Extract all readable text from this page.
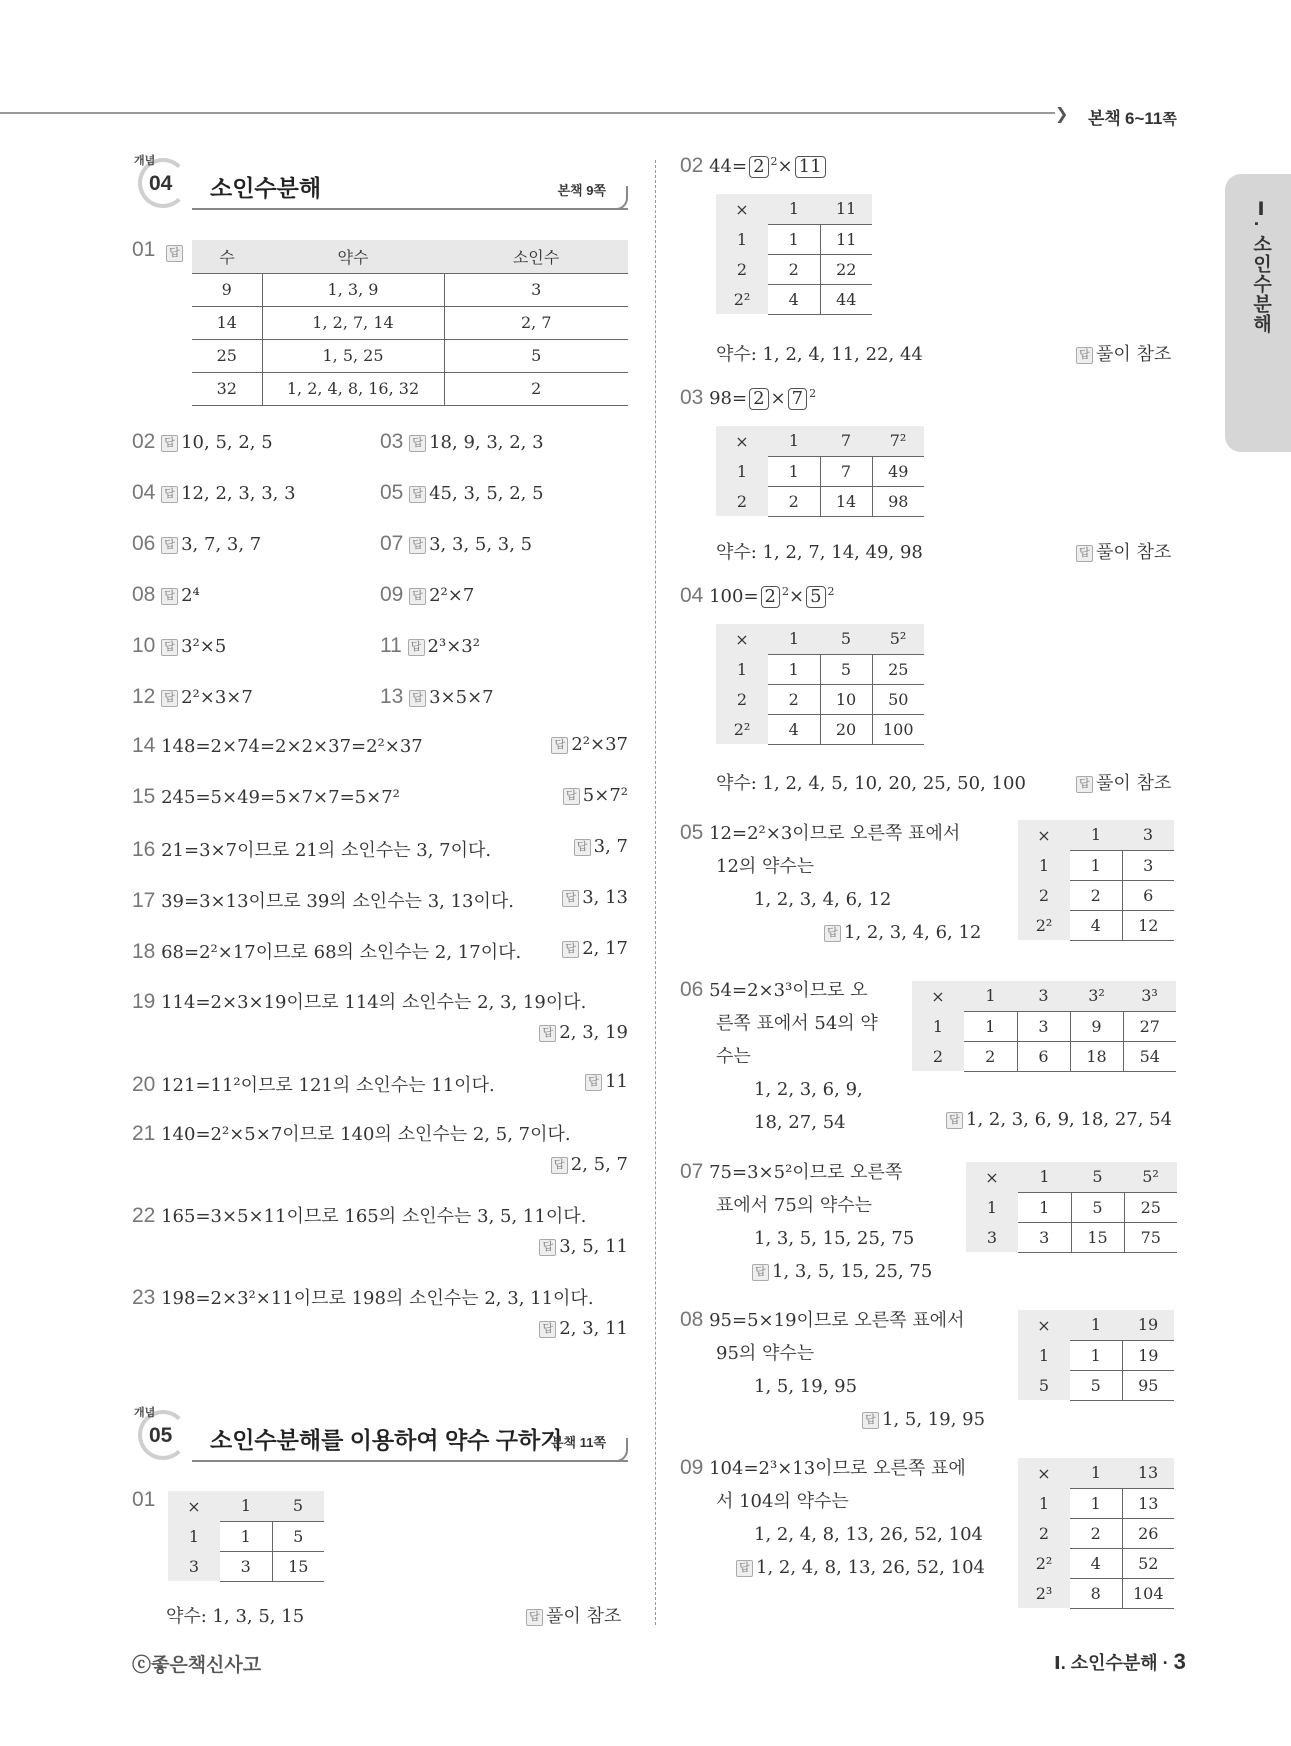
❯ 본책 6~11쪽
Ⅰ. 소인수분해
개념
04 소인수분해	본책 9쪽
01 답	수	약수	소인수
9	1, 3, 9	3
14	1, 2, 7, 14	2, 7
25	1, 5, 25	5
32	1, 2, 4, 8, 16, 32	2
02 답 10, 5, 2, 5	03 답 18, 9, 3, 2, 3
04 답 12, 2, 3, 3, 3	05 답 45, 3, 5, 2, 5
06 답 3, 7, 3, 7	07 답 3, 3, 5, 3, 5
08 답 2⁴	09 답 2²×7
10 답 3²×5	11 답 2³×3²
12 답 2²×3×7	13 답 3×5×7
14 148=2×74=2×2×37=2²×37	답 2²×37
15 245=5×49=5×7×7=5×7²	답 5×7²
16 21=3×7이므로 21의 소인수는 3, 7이다.	답 3, 7
17 39=3×13이므로 39의 소인수는 3, 13이다.	답 3, 13
18 68=2²×17이므로 68의 소인수는 2, 17이다.	답 2, 17
19 114=2×3×19이므로 114의 소인수는 2, 3, 19이다.
답 2, 3, 19
20 121=11²이므로 121의 소인수는 11이다.	답 11
21 140=2²×5×7이므로 140의 소인수는 2, 5, 7이다.
답 2, 5, 7
22 165=3×5×11이므로 165의 소인수는 3, 5, 11이다.
답 3, 5, 11
23 198=2×3²×11이므로 198의 소인수는 2, 3, 11이다.
답 2, 3, 11
개념
05 소인수분해를 이용하여 약수 구하기
본책 11쪽
01 ×	1	5
1	1	5
3	3	15
약수: 1, 3, 5, 15	답 풀이 참조
02 44= 2 $^2$× 11
×	1	11
1	1	11
2	2	22
2²	4	44
약수: 1, 2, 4, 11, 22, 44	답 풀이 참조
03 98= 2 × 7 $^2$
×	1	7	7²
1	1	7	49
2	2	14	98
약수: 1, 2, 7, 14, 49, 98	답 풀이 참조
04 100= 2 $^2$× 5 $^2$
×	1	5	5²
1	1	5	25
2	2	10	50
2²	4	20	100
약수: 1, 2, 4, 5, 10, 20, 25, 50, 100	답 풀이 참조
05 12=2²×3이므로 오른쪽 표에서
12의 약수는
1, 2, 3, 4, 6, 12
답 1, 2, 3, 4, 6, 12
×	1	3
1	1	3
2	2	6
2²	4	12
06 54=2×3³이므로 오
른쪽 표에서 54의 약
수는
1, 2, 3, 6, 9,
18, 27, 54
×	1	3	3²	3³
1	1	3	9	27
2	2	6	18	54
답 1, 2, 3, 6, 9, 18, 27, 54
07 75=3×5²이므로 오른쪽
표에서 75의 약수는
1, 3, 5, 15, 25, 75
답 1, 3, 5, 15, 25, 75
×	1	5	5²
1	1	5	25
3	3	15	75
08 95=5×19이므로 오른쪽 표에서
95의 약수는
1, 5, 19, 95
답 1, 5, 19, 95
×	1	19
1	1	19
5	5	95
09 104=2³×13이므로 오른쪽 표에
서 104의 약수는
1, 2, 4, 8, 13, 26, 52, 104
답 1, 2, 4, 8, 13, 26, 52, 104
×	1	13
1	1	13
2	2	26
2²	4	52
2³	8	104
ⓒ좋은책신사고	Ⅰ. 소인수분해 · 3
